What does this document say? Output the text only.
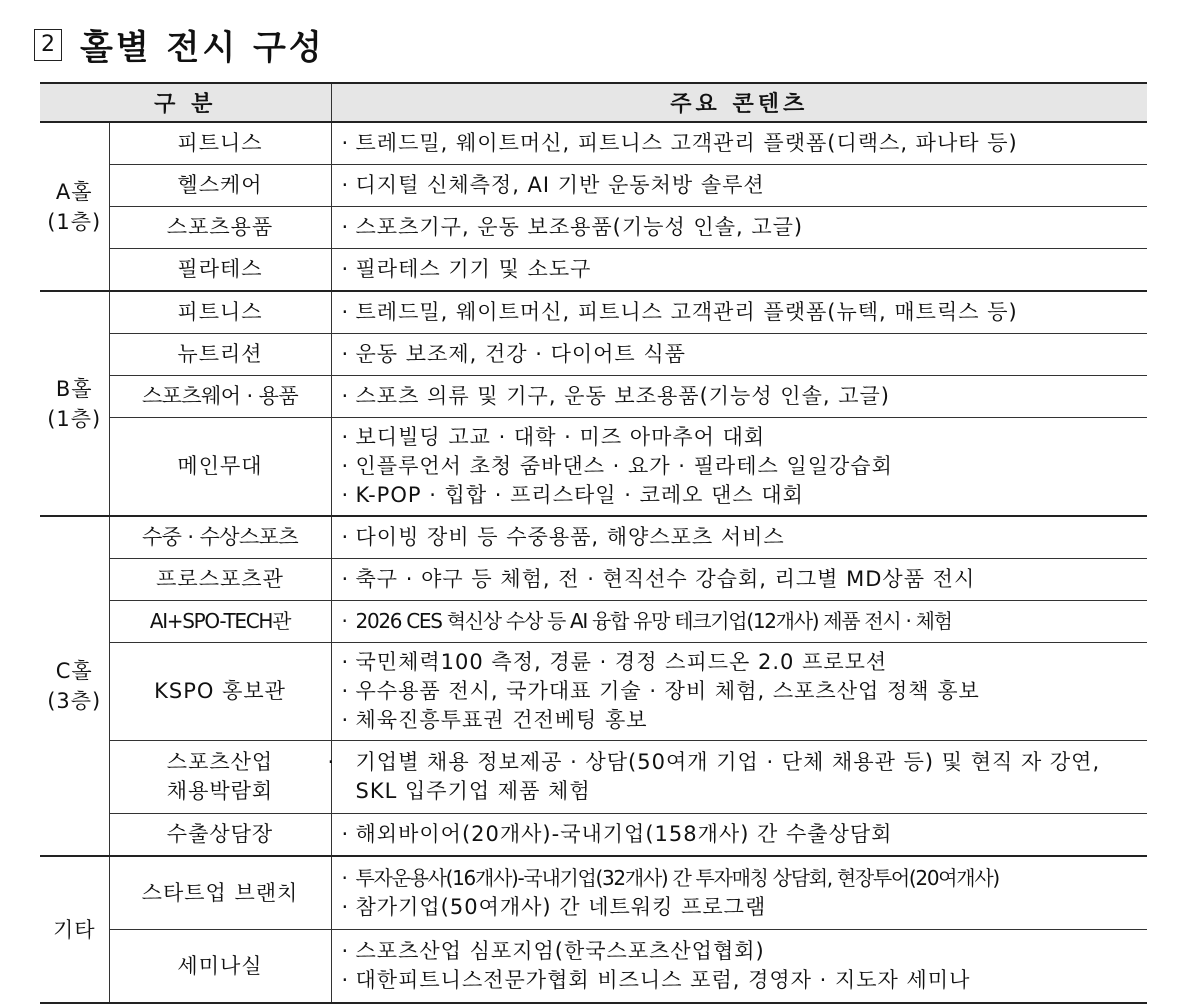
2 홀별 전시 구성
구 분		주요 콘텐츠

A홀
(1층)	피트니스	· 트레드밀, 웨이트머신, 피트니스 고객관리 플랫폼(디랙스, 파나타 등)

	헬스케어	· 디지털 신체측정, AI 기반 운동처방 솔루션

	스포츠용품	· 스포츠기구, 운동 보조용품(기능성 인솔, 고글)

	필라테스	· 필라테스 기기 및 소도구

B홀
(1층)	피트니스	· 트레드밀, 웨이트머신, 피트니스 고객관리 플랫폼(뉴텍, 매트릭스 등)

	뉴트리션	· 운동 보조제, 건강 · 다이어트 식품

	스포츠웨어 · 용품	· 스포츠 의류 및 기구, 운동 보조용품(기능성 인솔, 고글)

	메인무대	· 보디빌딩 고교 · 대학 · 미즈 아마추어 대회
· 인플루언서 초청 줌바댄스 · 요가 · 필라테스 일일강습회
· K-POP · 힙합 · 프리스타일 · 코레오 댄스 대회

C홀
(3층)	수중 · 수상스포츠	· 다이빙 장비 등 수중용품, 해양스포츠 서비스

	프로스포츠관	· 축구 · 야구 등 체험, 전 · 현직선수 강습회, 리그별 MD상품 전시

	AI+SPO-TECH관	· 2026 CES 혁신상 수상 등 AI 융합 유망 테크기업(12개사) 제품 전시 · 체험

	KSPO 홍보관	· 국민체력100 측정, 경륜 · 경정 스피드온 2.0 프로모션
· 우수용품 전시, 국가대표 기술 · 장비 체험, 스포츠산업 정책 홍보
· 체육진흥투표권 건전베팅 홍보

	스포츠산업
채용박람회	· 기업별 채용 정보제공 · 상담(50여개 기업 · 단체 채용관 등) 및 현직 자 강연, SKL 입주기업 제품 체험

	수출상담장	· 해외바이어(20개사)-국내기업(158개사) 간 수출상담회

기타	스타트업 브랜치	· 투자운용사(16개사)-국내기업(32개사) 간 투자매칭 상담회, 현장투어(20여개사)
· 참가기업(50여개사) 간 네트워킹 프로그램

	세미나실	· 스포츠산업 심포지엄(한국스포츠산업협회)
· 대한피트니스전문가협회 비즈니스 포럼, 경영자 · 지도자 세미나
